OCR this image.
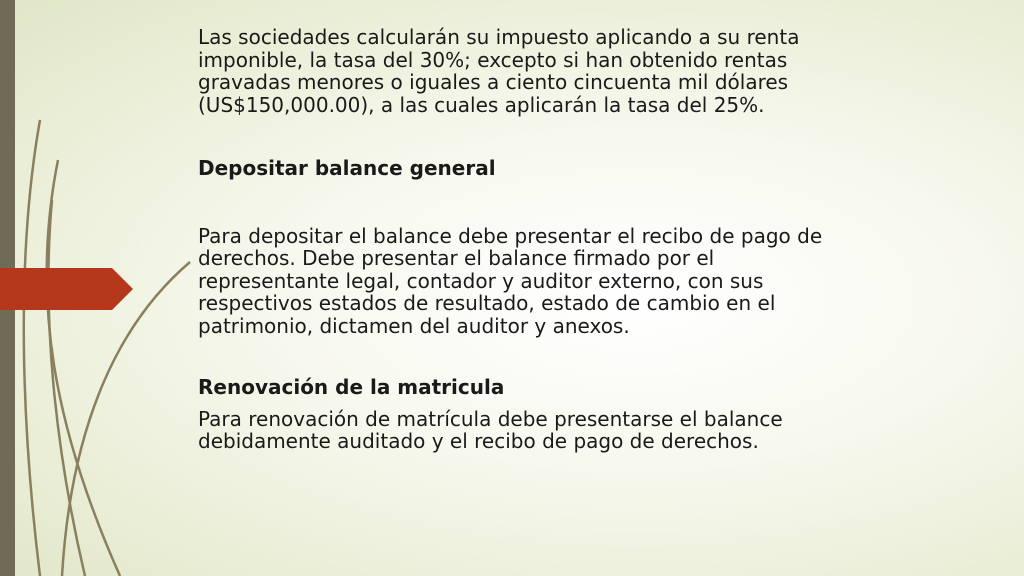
Las sociedades calcularán su impuesto aplicando a su renta imponible, la tasa del 30%; excepto si han obtenido rentas gravadas menores o iguales a ciento cincuenta mil dólares (US$150,000.00), a las cuales aplicarán la tasa del 25%.

Depositar balance general

Para depositar el balance debe presentar el recibo de pago de derechos. Debe presentar el balance firmado por el representante legal, contador y auditor externo, con sus respectivos estados de resultado, estado de cambio en el patrimonio, dictamen del auditor y anexos.

Renovación de la matricula

Para renovación de matrícula debe presentarse el balance debidamente auditado y el recibo de pago de derechos.
